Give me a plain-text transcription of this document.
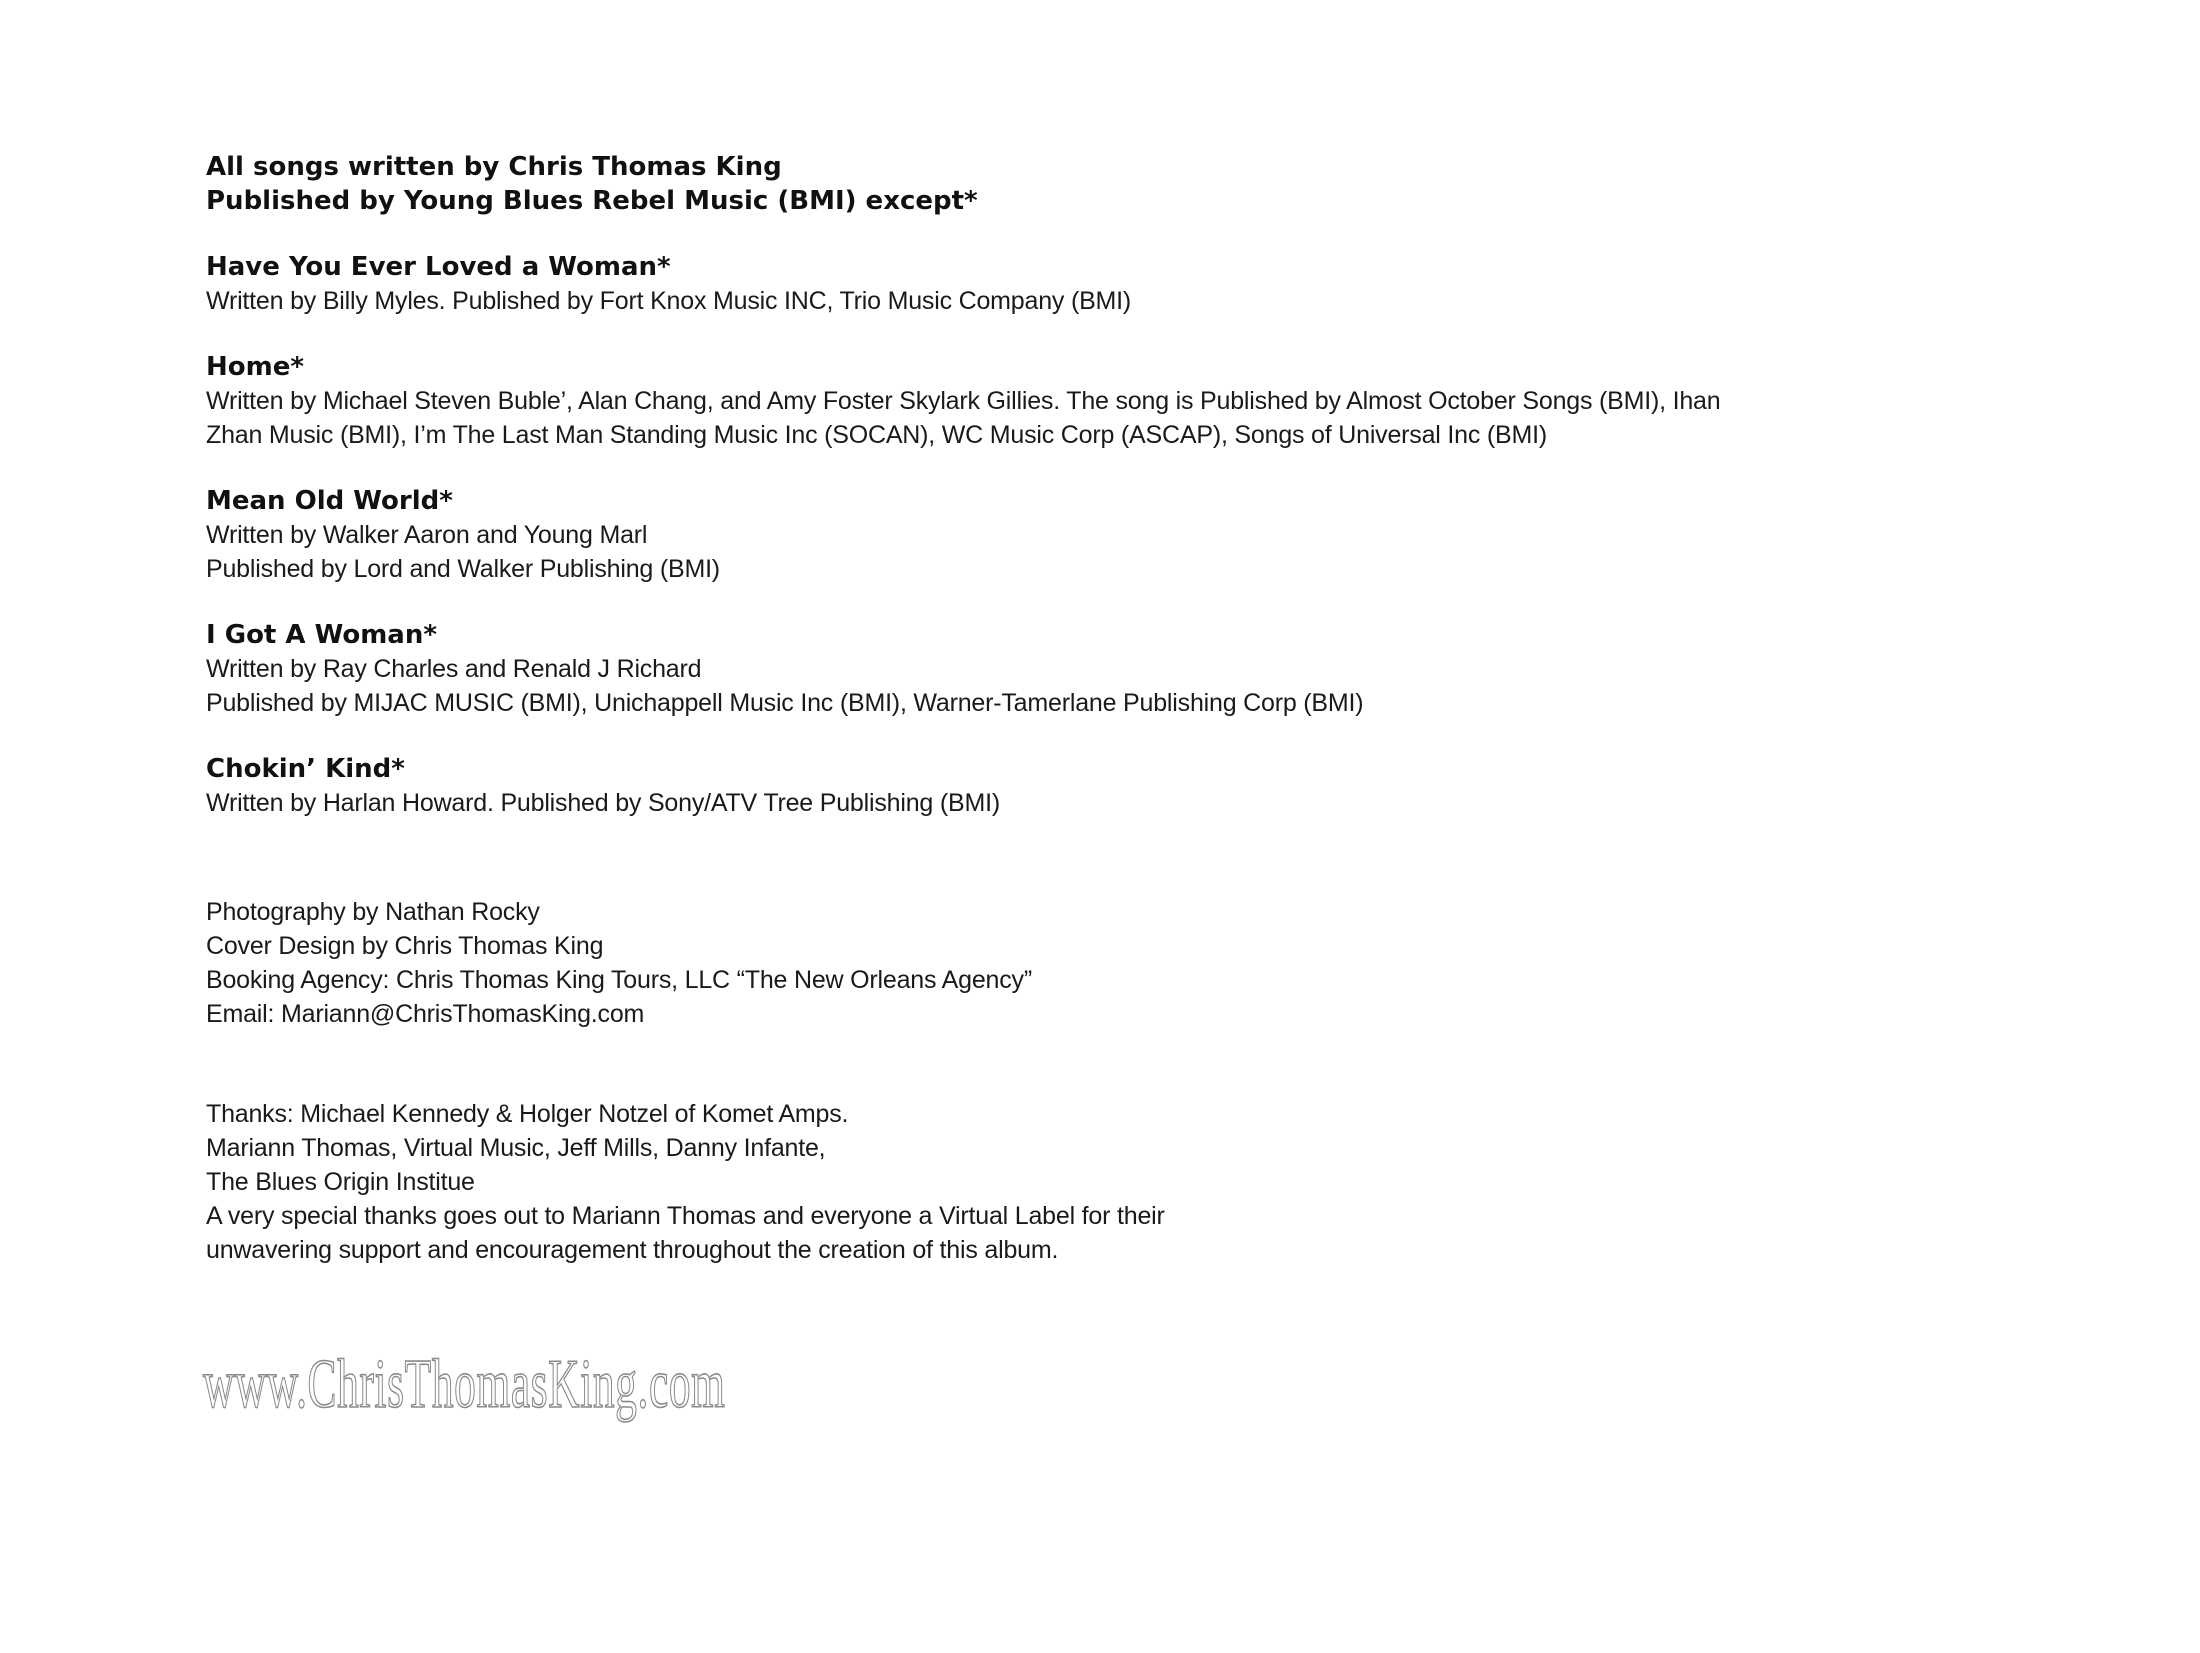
All songs written by Chris Thomas King
Published by Young Blues Rebel Music (BMI) except*
Have You Ever Loved a Woman*
Written by Billy Myles. Published by Fort Knox Music INC, Trio Music Company (BMI)
Home*
Written by Michael Steven Buble’, Alan Chang, and Amy Foster Skylark Gillies. The song is Published by Almost October Songs (BMI), Ihan
Zhan Music (BMI), I’m The Last Man Standing Music Inc (SOCAN), WC Music Corp (ASCAP), Songs of Universal Inc (BMI)
Mean Old World*
Written by Walker Aaron and Young Marl
Published by Lord and Walker Publishing (BMI)
I Got A Woman*
Written by Ray Charles and Renald J Richard
Published by MIJAC MUSIC (BMI), Unichappell Music Inc (BMI), Warner-Tamerlane Publishing Corp (BMI)
Chokin’ Kind*
Written by Harlan Howard. Published by Sony/ATV Tree Publishing (BMI)
Photography by Nathan Rocky
Cover Design by Chris Thomas King
Booking Agency: Chris Thomas King Tours, LLC “The New Orleans Agency”
Email: Mariann@ChrisThomasKing.com
Thanks: Michael Kennedy & Holger Notzel of Komet Amps.
Mariann Thomas, Virtual Music, Jeff Mills, Danny Infante,
The Blues Origin Institue
A very special thanks goes out to Mariann Thomas and everyone a Virtual Label for their
unwavering support and encouragement throughout the creation of this album.
www.ChrisThomasKing.com
